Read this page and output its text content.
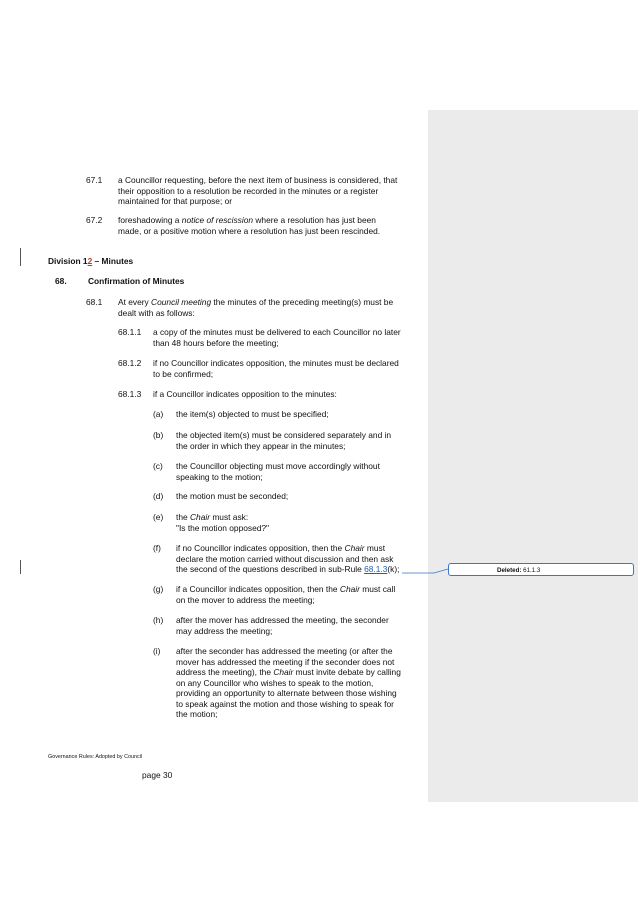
67.1 a Councillor requesting, before the next item of business is considered, that
their opposition to a resolution be recorded in the minutes or a register
maintained for that purpose; or
67.2 foreshadowing a notice of rescission where a resolution has just been
made, or a positive motion where a resolution has just been rescinded.
Division 12 – Minutes
68.	Confirmation of Minutes
68.1 At every Council meeting the minutes of the preceding meeting(s) must be
dealt with as follows:
68.1.1 a copy of the minutes must be delivered to each Councillor no later
than 48 hours before the meeting;
68.1.2 if no Councillor indicates opposition, the minutes must be declared
to be confirmed;
68.1.3 if a Councillor indicates opposition to the minutes:
(a) the item(s) objected to must be specified;
(b) the objected item(s) must be considered separately and in
the order in which they appear in the minutes;
(c) the Councillor objecting must move accordingly without
speaking to the motion;
(d) the motion must be seconded;
(e) the Chair must ask:
"Is the motion opposed?"
(f) if no Councillor indicates opposition, then the Chair must
declare the motion carried without discussion and then ask
the second of the questions described in sub-Rule 68.1.3(k);
(g) if a Councillor indicates opposition, then the Chair must call
on the mover to address the meeting;
(h) after the mover has addressed the meeting, the seconder
may address the meeting;
(i) after the seconder has addressed the meeting (or after the
mover has addressed the meeting if the seconder does not
address the meeting), the Chair must invite debate by calling
on any Councillor who wishes to speak to the motion,
providing an opportunity to alternate between those wishing
to speak against the motion and those wishing to speak for
the motion;
Deleted: 61.1.3
Governance Rules: Adopted by Council
page 30
